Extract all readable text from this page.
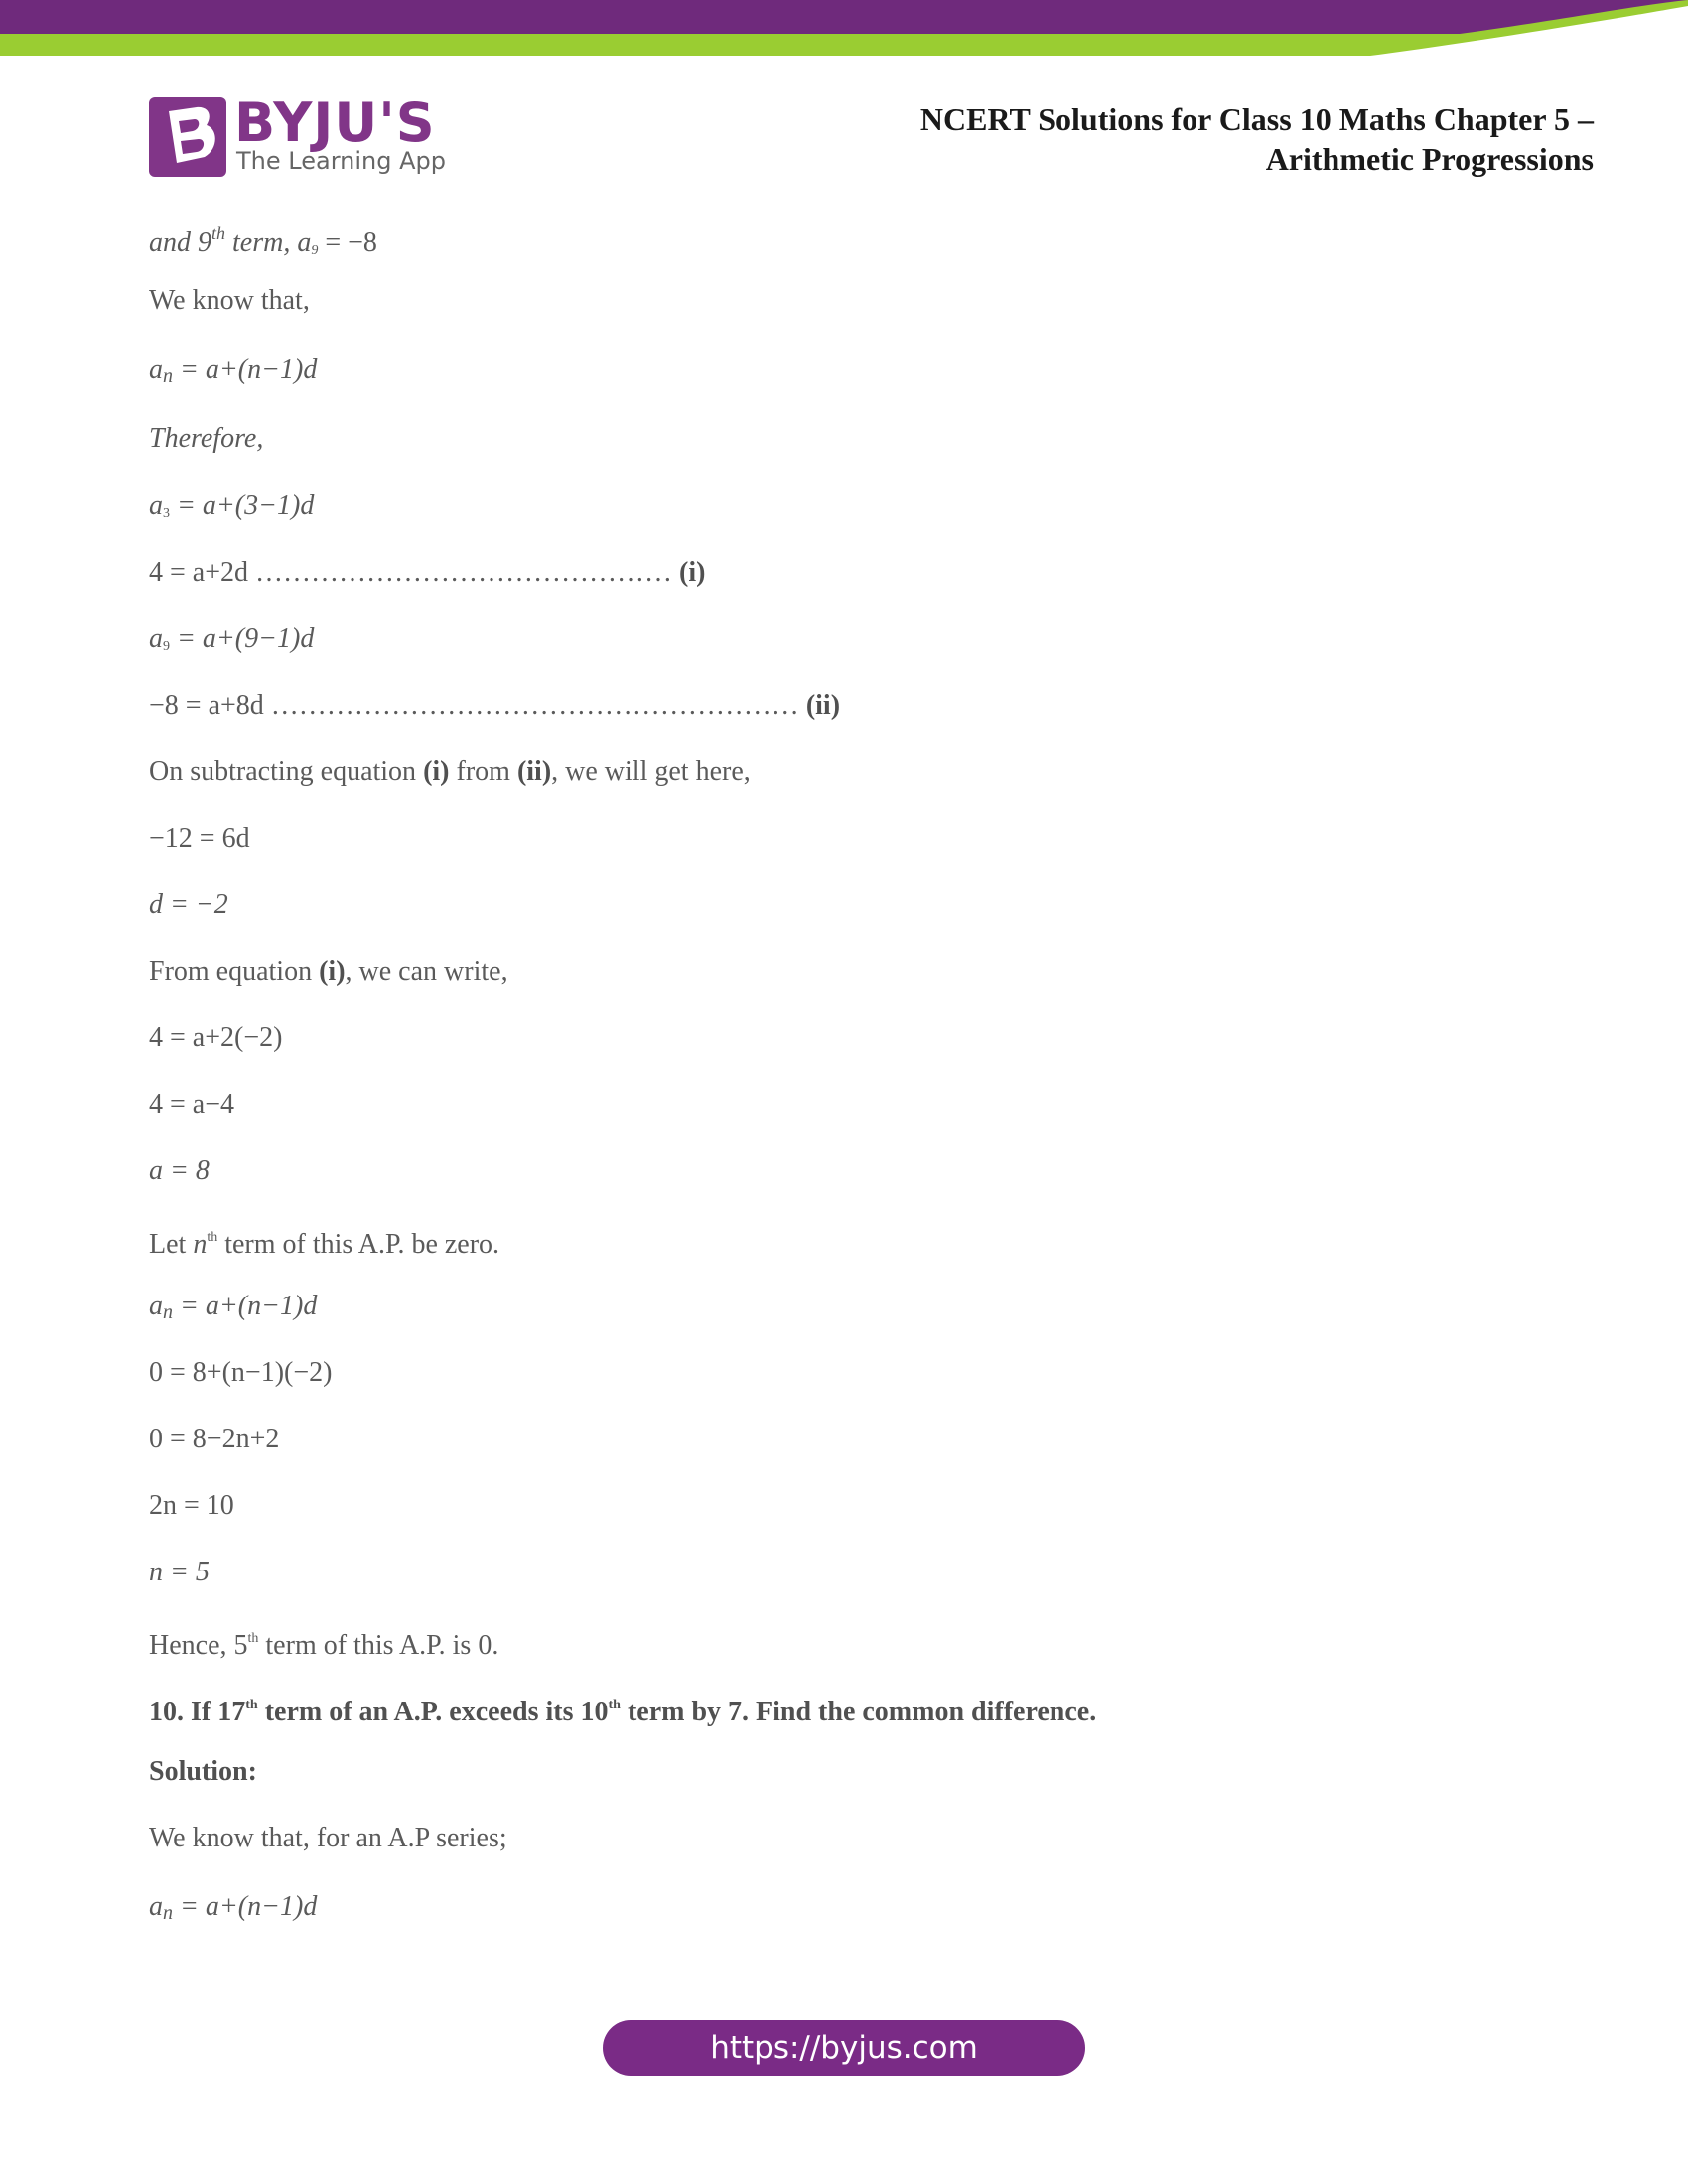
BYJU'S
The Learning App
NCERT Solutions for Class 10 Maths Chapter 5 –
Arithmetic Progressions
and 9th term, $a_9 = -8$
We know that,
$a_n = a+(n-1)d$
Therefore,
$a_3 = a+(3-1)d$
4 = a+2d ……………………………………… (i)
$a_9 = a+(9-1)d$
−8 = a+8d ………………………………………………… (ii)
On subtracting equation (i) from (ii), we will get here,
−12 = 6d
d = −2
From equation (i), we can write,
4 = a+2(−2)
4 = a−4
a = 8
Let $n^{th}$ term of this A.P. be zero.
$a_n = a+(n-1)d$
0 = 8+(n−1)(−2)
0 = 8−2n+2
2n = 10
n = 5
Hence, 5th term of this A.P. is 0.
10. If 17th term of an A.P. exceeds its 10th term by 7. Find the common difference.
Solution:
We know that, for an A.P series;
$a_n = a+(n-1)d$
https://byjus.com
